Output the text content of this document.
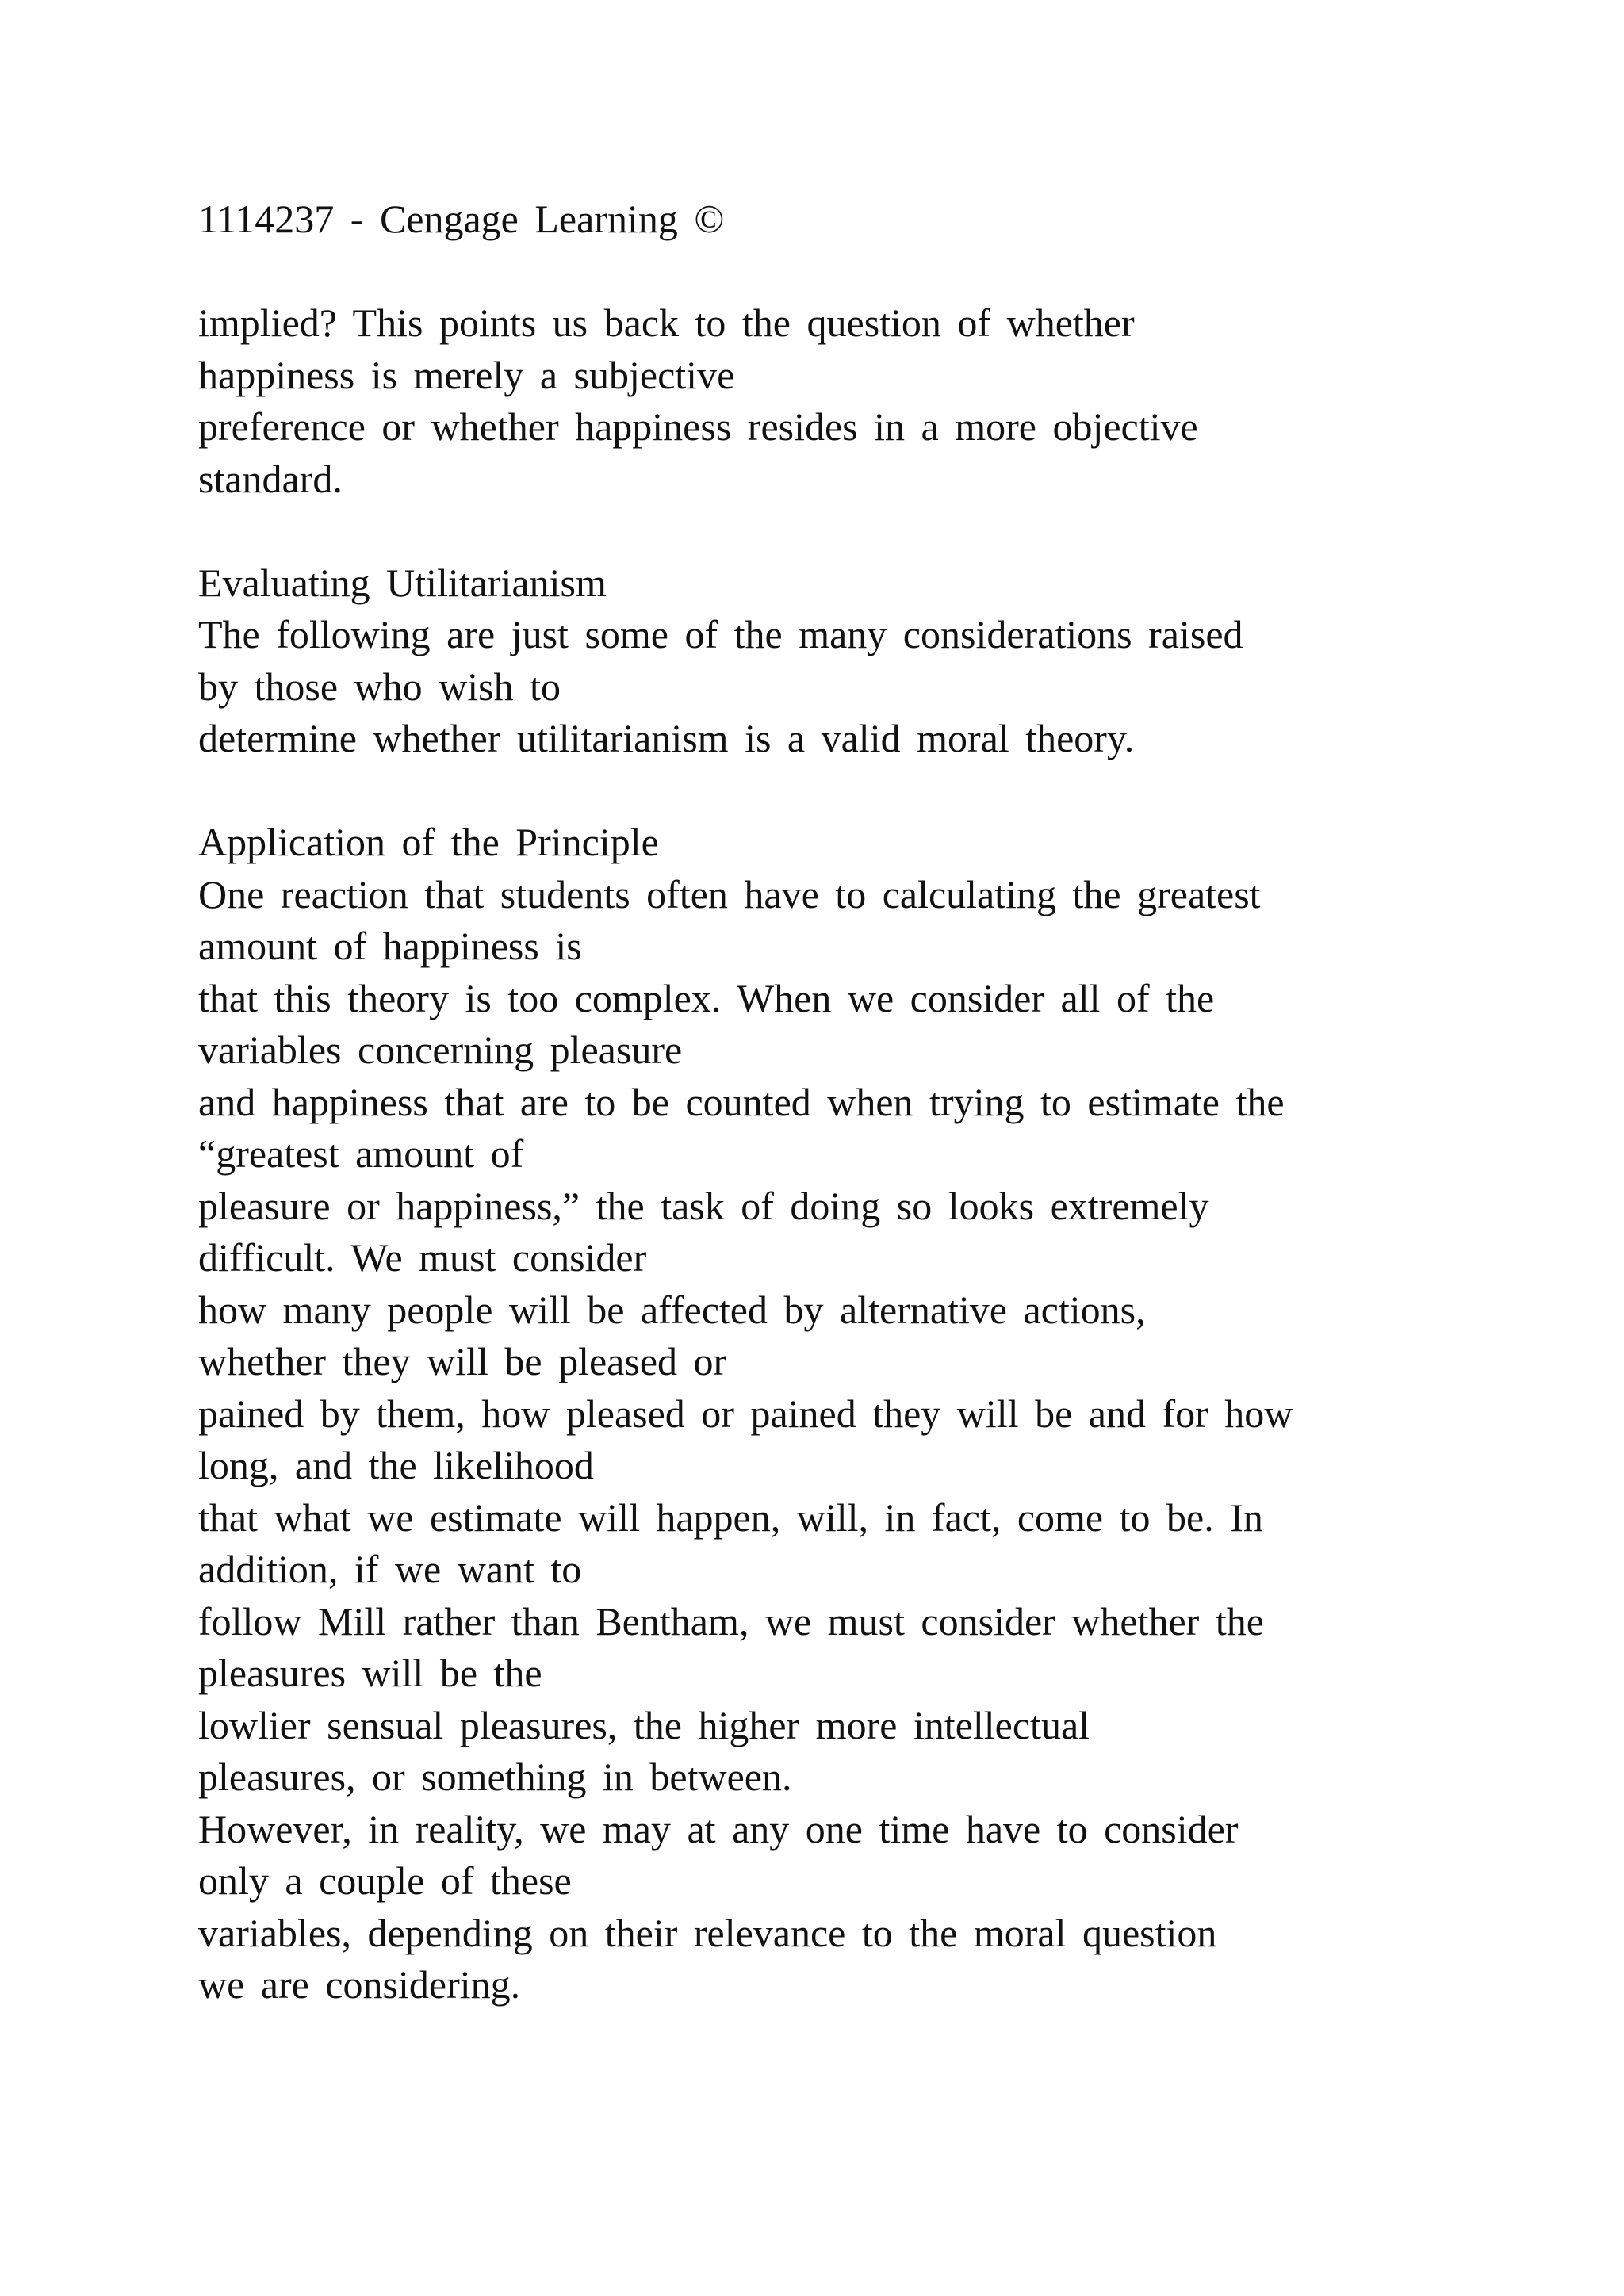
1114237 - Cengage Learning ©
implied? This points us back to the question of whether
happiness is merely a subjective
preference or whether happiness resides in a more objective
standard.
Evaluating Utilitarianism
The following are just some of the many considerations raised
by those who wish to
determine whether utilitarianism is a valid moral theory.
Application of the Principle
One reaction that students often have to calculating the greatest
amount of happiness is
that this theory is too complex. When we consider all of the
variables concerning pleasure
and happiness that are to be counted when trying to estimate the
“greatest amount of
pleasure or happiness,” the task of doing so looks extremely
difficult. We must consider
how many people will be affected by alternative actions,
whether they will be pleased or
pained by them, how pleased or pained they will be and for how
long, and the likelihood
that what we estimate will happen, will, in fact, come to be. In
addition, if we want to
follow Mill rather than Bentham, we must consider whether the
pleasures will be the
lowlier sensual pleasures, the higher more intellectual
pleasures, or something in between.
However, in reality, we may at any one time have to consider
only a couple of these
variables, depending on their relevance to the moral question
we are considering.
